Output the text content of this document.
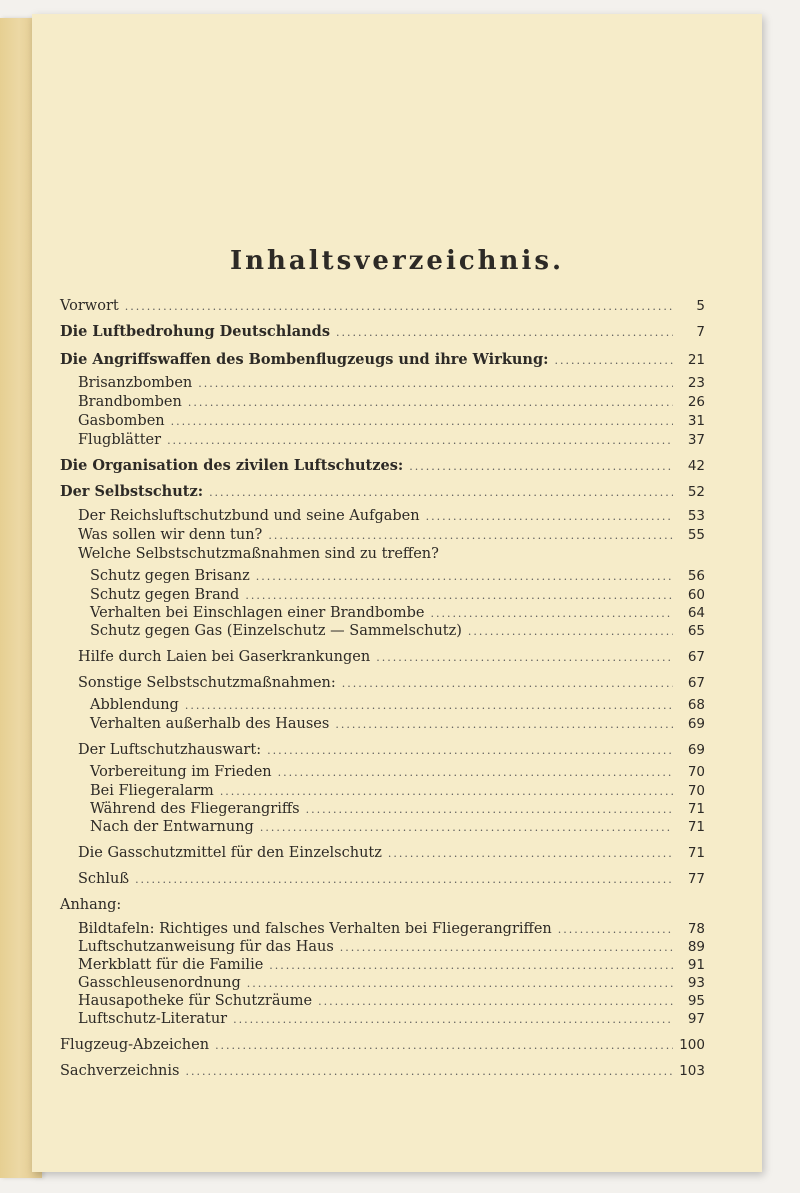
Inhaltsverzeichnis.
Vorwort .....	5
Die Luftbedrohung Deutschlands .....	7
Die Angriffswaffen des Bombenflugzeugs und ihre Wirkung: .....	21
Brisanzbomben .....	23
Brandbomben .....	26
Gasbomben .....	31
Flugblätter .....	37
Die Organisation des zivilen Luftschutzes: .....	42
Der Selbstschutz: .....	52
Der Reichsluftschutzbund und seine Aufgaben .....	53
Was sollen wir denn tun? .....	55
Welche Selbstschutzmaßnahmen sind zu treffen?
Schutz gegen Brisanz .....	56
Schutz gegen Brand .....	60
Verhalten bei Einschlagen einer Brandbombe .....	64
Schutz gegen Gas (Einzelschutz — Sammelschutz) .....	65
Hilfe durch Laien bei Gaserkrankungen .....	67
Sonstige Selbstschutzmaßnahmen: .....	67
Abblendung .....	68
Verhalten außerhalb des Hauses .....	69
Der Luftschutzhauswart: .....	69
Vorbereitung im Frieden .....	70
Bei Fliegeralarm .....	70
Während des Fliegerangriffs .....	71
Nach der Entwarnung .....	71
Die Gasschutzmittel für den Einzelschutz .....	71
Schluß .....	77
Anhang:
Bildtafeln: Richtiges und falsches Verhalten bei Fliegerangriffen .....	78
Luftschutzanweisung für das Haus .....	89
Merkblatt für die Familie .....	91
Gasschleusenordnung .....	93
Hausapotheke für Schutzräume .....	95
Luftschutz-Literatur .....	97
Flugzeug-Abzeichen .....	100
Sachverzeichnis .....	103
